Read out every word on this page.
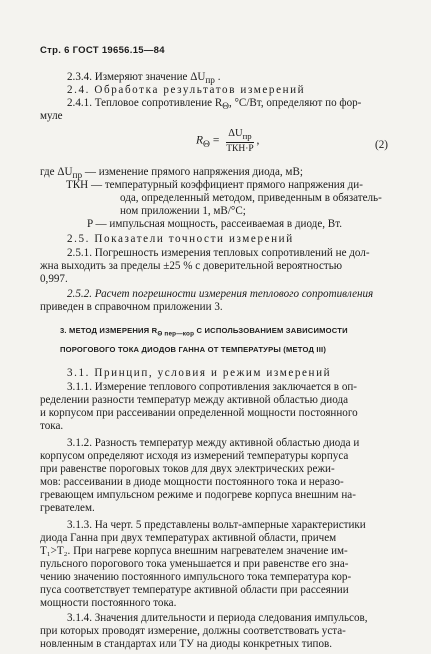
Стр. 6 ГОСТ 19656.15—84
2.3.4. Измеряют значение $\Delta U_{пр}$ .
2.4. Обработка результатов измерений
2.4.1. Тепловое сопротивление $R_\Theta$, °С/Вт, определяют по фор-
муле
$R_\Theta = \frac{\Delta U_{пр}}{\text{ТКН·P}}$ ,	(2)
где $\Delta U_{пр}$ — изменение прямого напряжения диода, мВ;
ТКН — температурный коэффициент прямого напряжения ди-
ода, определенный методом, приведенным в обязатель-
ном приложении 1, мВ/°С;
P — импульсная мощность, рассеиваемая в диоде, Вт.
2.5. Показатели точности измерений
2.5.1. Погрешность измерения тепловых сопротивлений не дол-
жна выходить за пределы ±25 % с доверительной вероятностью
0,997.
2.5.2. Расчет погрешности измерения теплового сопротивления
приведен в справочном приложении 3.
3. МЕТОД ИЗМЕРЕНИЯ $R_{\Theta пер—кор}$ С ИСПОЛЬЗОВАНИЕМ ЗАВИСИМОСТИ
ПОРОГОВОГО ТОКА ДИОДОВ ГАННА ОТ ТЕМПЕРАТУРЫ (МЕТОД III)
3.1. Принцип, условия и режим измерений
3.1.1. Измерение теплового сопротивления заключается в оп-
ределении разности температур между активной областью диода
и корпусом при рассеивании определенной мощности постоянного
тока.
3.1.2. Разность температур между активной областью диода и
корпусом определяют исходя из измерений температуры корпуса
при равенстве пороговых токов для двух электрических режи-
мов: рассеивании в диоде мощности постоянного тока и неразо-
гревающем импульсном режиме и подогреве корпуса внешним на-
гревателем.
3.1.3. На черт. 5 представлены вольт-амперные характеристики
диода Ганна при двух температурах активной области, причем
T₁>T₂. При нагреве корпуса внешним нагревателем значение им-
пульсного порогового тока уменьшается и при равенстве его зна-
чению значению постоянного импульсного тока температура кор-
пуса соответствует температуре активной области при рассеянии
мощности постоянного тока.
3.1.4. Значения длительности и периода следования импульсов,
при которых проводят измерение, должны соответствовать уста-
новленным в стандартах или ТУ на диоды конкретных типов.
